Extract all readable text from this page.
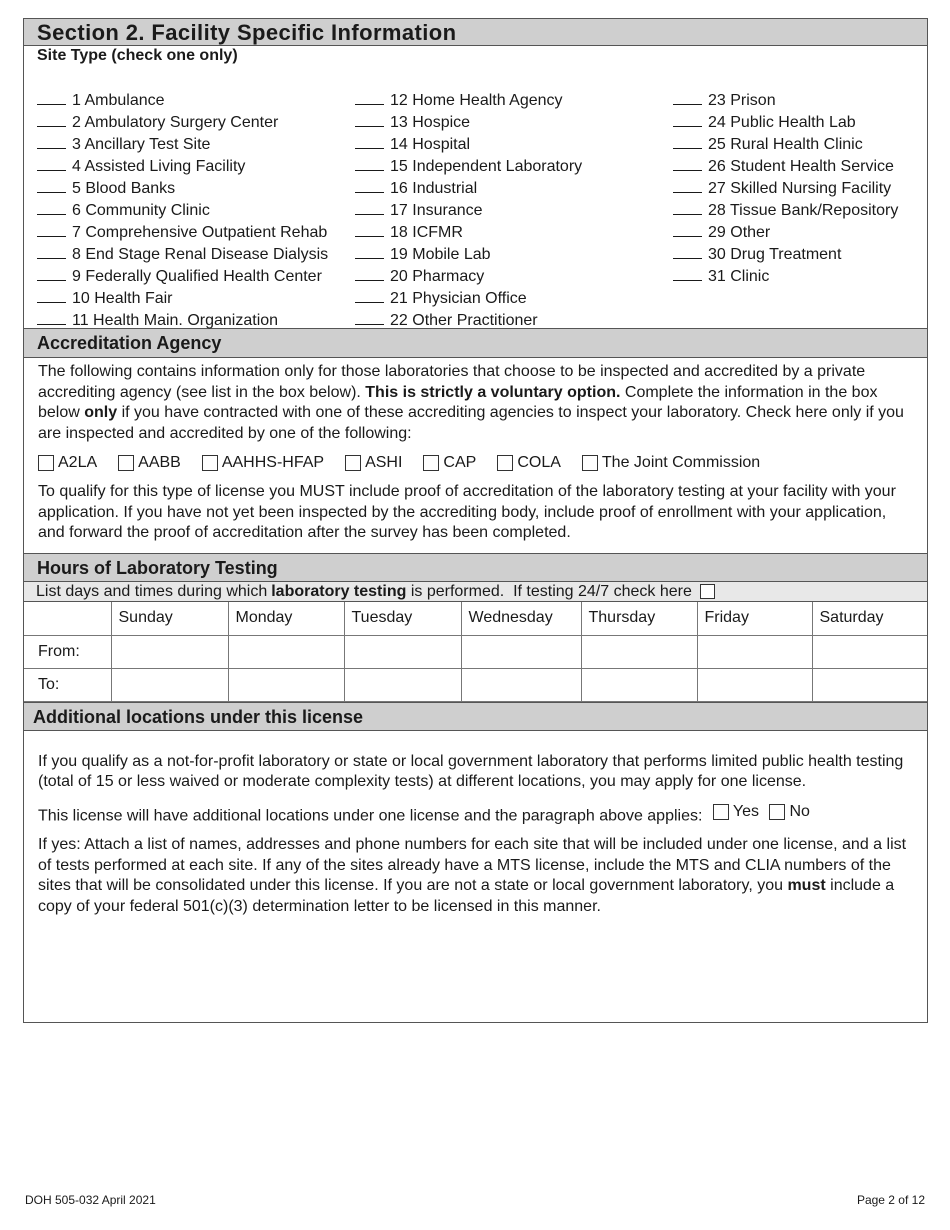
Section 2. Facility Specific Information
Site Type (check one only)
1 Ambulance
2 Ambulatory Surgery Center
3 Ancillary Test Site
4 Assisted Living Facility
5 Blood Banks
6 Community Clinic
7 Comprehensive Outpatient Rehab
8 End Stage Renal Disease Dialysis
9 Federally Qualified Health Center
10 Health Fair
11 Health Main. Organization
12 Home Health Agency
13 Hospice
14 Hospital
15 Independent Laboratory
16 Industrial
17 Insurance
18 ICFMR
19 Mobile Lab
20 Pharmacy
21 Physician Office
22 Other Practitioner
23 Prison
24 Public Health Lab
25 Rural Health Clinic
26 Student Health Service
27 Skilled Nursing Facility
28 Tissue Bank/Repository
29 Other
30 Drug Treatment
31 Clinic
Accreditation Agency

The following contains information only for those laboratories that choose to be inspected and accredited by a private accrediting agency (see list in the box below). This is strictly a voluntary option. Complete the information in the box below only if you have contracted with one of these accrediting agencies to inspect your laboratory. Check here only if you are inspected and accredited by one of the following:

A2LA	AABB	AAHHS-HFAP	ASHI	CAP	COLA	The Joint Commission

To qualify for this type of license you MUST include proof of accreditation of the laboratory testing at your facility with your application. If you have not yet been inspected by the accrediting body, include proof of enrollment with your application, and forward the proof of accreditation after the survey has been completed.

Hours of Laboratory Testing
List days and times during which laboratory testing is performed.  If testing 24/7 check here
	Sunday	Monday	Tuesday	Wednesday	Thursday	Friday	Saturday
From:							
To:							
Additional locations under this license

If you qualify as a not-for-profit laboratory or state or local government laboratory that performs limited public health testing (total of 15 or less waived or moderate complexity tests) at different locations, you may apply for one license.

This license will have additional locations under one license and the paragraph above applies: Yes
No

If yes: Attach a list of names, addresses and phone numbers for each site that will be included under one license, and a list of tests performed at each site. If any of the sites already have a MTS license, include the MTS and CLIA numbers of the sites that will be consolidated under this license. If you are not a state or local government laboratory, you must include a copy of your federal 501(c)(3) determination letter to be licensed in this manner.

DOH 505-032 April 2021	Page 2 of 12
